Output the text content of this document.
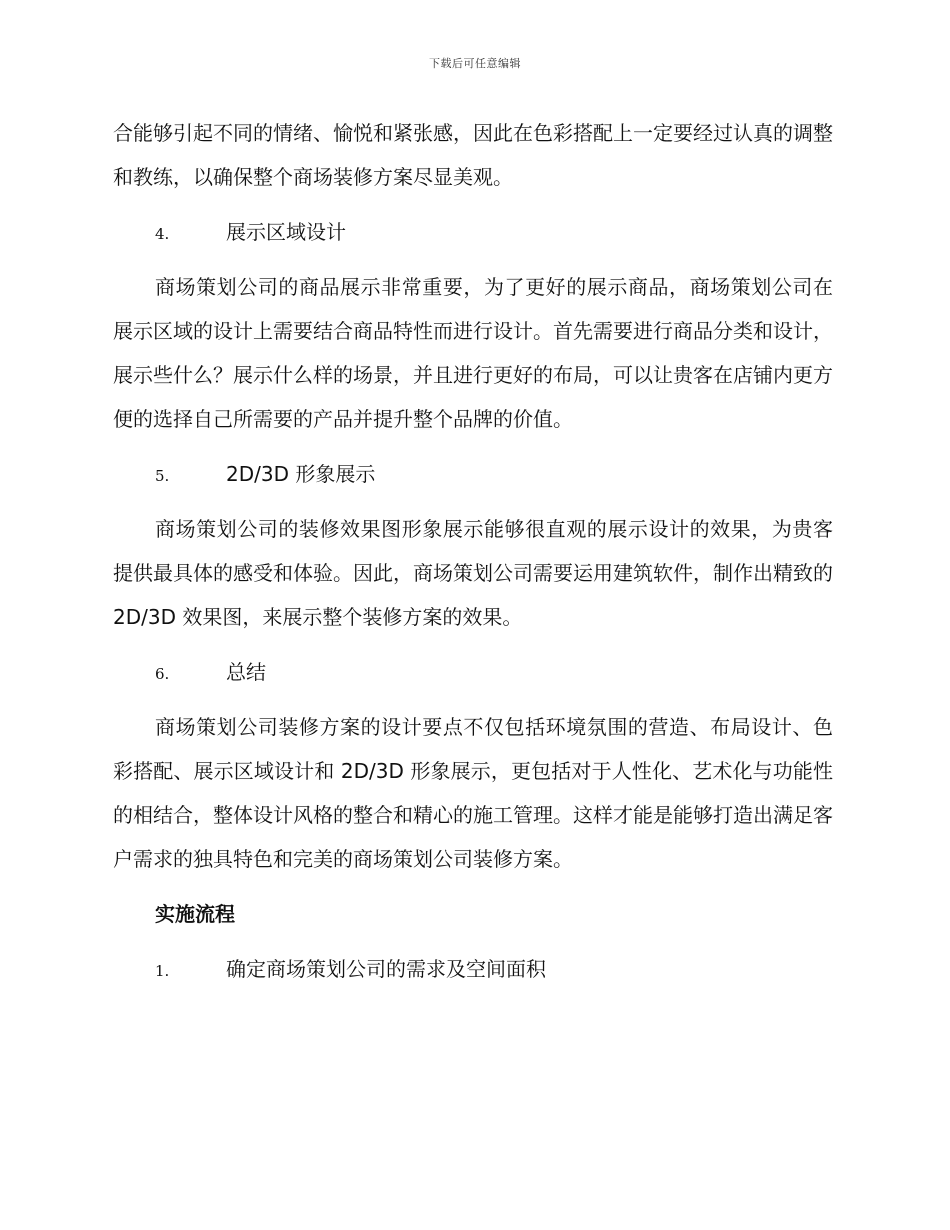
下载后可任意编辑

合能够引起不同的情绪、愉悦和紧张感，因此在色彩搭配上一定要经过认真的调整和教练，以确保整个商场装修方案尽显美观。

4.	展示区域设计

商场策划公司的商品展示非常重要，为了更好的展示商品，商场策划公司在展示区域的设计上需要结合商品特性而进行设计。首先需要进行商品分类和设计，展示些什么？展示什么样的场景，并且进行更好的布局，可以让贵客在店铺内更方便的选择自己所需要的产品并提升整个品牌的价值。

5.	2D/3D 形象展示

商场策划公司的装修效果图形象展示能够很直观的展示设计的效果，为贵客提供最具体的感受和体验。因此，商场策划公司需要运用建筑软件，制作出精致的 2D/3D 效果图，来展示整个装修方案的效果。

6.	总结

商场策划公司装修方案的设计要点不仅包括环境氛围的营造、布局设计、色彩搭配、展示区域设计和 2D/3D 形象展示，更包括对于人性化、艺术化与功能性的相结合，整体设计风格的整合和精心的施工管理。这样才能是能够打造出满足客户需求的独具特色和完美的商场策划公司装修方案。

实施流程
1.	确定商场策划公司的需求及空间面积
